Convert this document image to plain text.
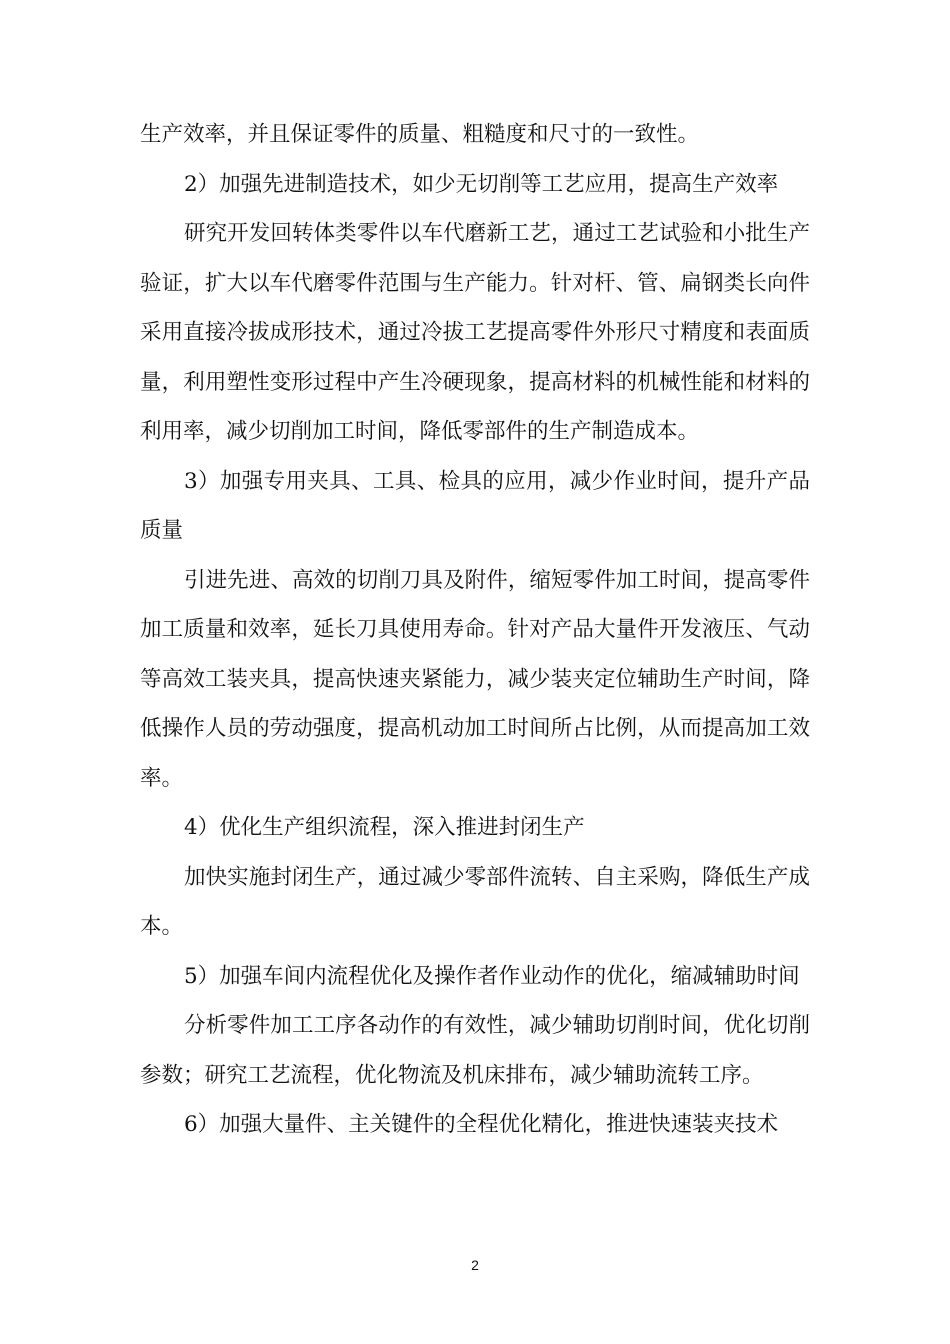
生产效率，并且保证零件的质量、粗糙度和尺寸的一致性。

2）加强先进制造技术，如少无切削等工艺应用，提高生产效率

研究开发回转体类零件以车代磨新工艺，通过工艺试验和小批生产验证，扩大以车代磨零件范围与生产能力。针对杆、管、扁钢类长向件采用直接冷拔成形技术，通过冷拔工艺提高零件外形尺寸精度和表面质量，利用塑性变形过程中产生冷硬现象，提高材料的机械性能和材料的利用率，减少切削加工时间，降低零部件的生产制造成本。

3）加强专用夹具、工具、检具的应用，减少作业时间，提升产品质量

引进先进、高效的切削刀具及附件，缩短零件加工时间，提高零件加工质量和效率，延长刀具使用寿命。针对产品大量件开发液压、气动等高效工装夹具，提高快速夹紧能力，减少装夹定位辅助生产时间，降低操作人员的劳动强度，提高机动加工时间所占比例，从而提高加工效率。

4）优化生产组织流程，深入推进封闭生产

加快实施封闭生产，通过减少零部件流转、自主采购，降低生产成本。

5）加强车间内流程优化及操作者作业动作的优化，缩减辅助时间

分析零件加工工序各动作的有效性，减少辅助切削时间，优化切削参数；研究工艺流程，优化物流及机床排布，减少辅助流转工序。

6）加强大量件、主关键件的全程优化精化，推进快速装夹技术

2
